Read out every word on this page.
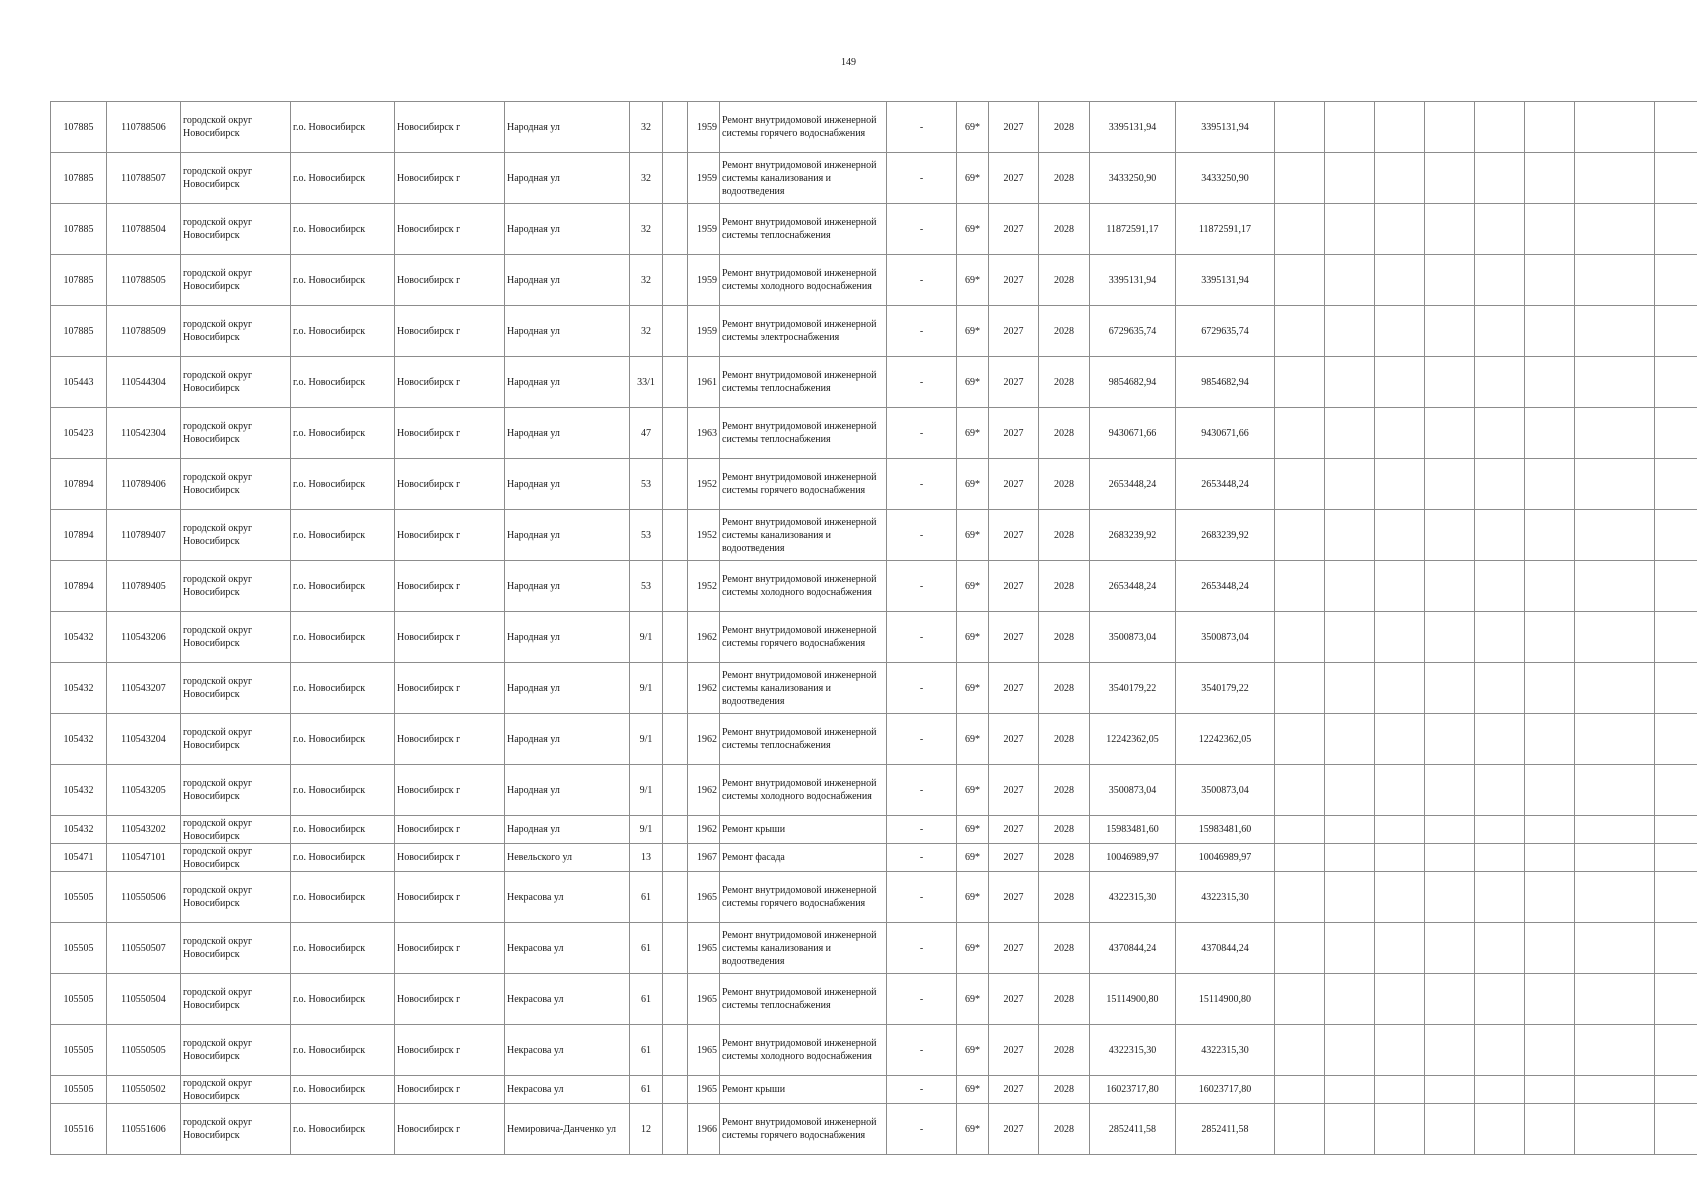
149
107885	110788506	городской округ Новосибирск	г.о. Новосибирск	Новосибирск г	Народная ул	32		1959	Ремонт внутридомовой инженерной системы горячего водоснабжения	-	69*	2027	2028	3395131,94	3395131,94								
107885	110788507	городской округ Новосибирск	г.о. Новосибирск	Новосибирск г	Народная ул	32		1959	Ремонт внутридомовой инженерной системы канализования и водоотведения	-	69*	2027	2028	3433250,90	3433250,90								
107885	110788504	городской округ Новосибирск	г.о. Новосибирск	Новосибирск г	Народная ул	32		1959	Ремонт внутридомовой инженерной системы теплоснабжения	-	69*	2027	2028	11872591,17	11872591,17								
107885	110788505	городской округ Новосибирск	г.о. Новосибирск	Новосибирск г	Народная ул	32		1959	Ремонт внутридомовой инженерной системы холодного водоснабжения	-	69*	2027	2028	3395131,94	3395131,94								
107885	110788509	городской округ Новосибирск	г.о. Новосибирск	Новосибирск г	Народная ул	32		1959	Ремонт внутридомовой инженерной системы электроснабжения	-	69*	2027	2028	6729635,74	6729635,74								
105443	110544304	городской округ Новосибирск	г.о. Новосибирск	Новосибирск г	Народная ул	33/1		1961	Ремонт внутридомовой инженерной системы теплоснабжения	-	69*	2027	2028	9854682,94	9854682,94								
105423	110542304	городской округ Новосибирск	г.о. Новосибирск	Новосибирск г	Народная ул	47		1963	Ремонт внутридомовой инженерной системы теплоснабжения	-	69*	2027	2028	9430671,66	9430671,66								
107894	110789406	городской округ Новосибирск	г.о. Новосибирск	Новосибирск г	Народная ул	53		1952	Ремонт внутридомовой инженерной системы горячего водоснабжения	-	69*	2027	2028	2653448,24	2653448,24								
107894	110789407	городской округ Новосибирск	г.о. Новосибирск	Новосибирск г	Народная ул	53		1952	Ремонт внутридомовой инженерной системы канализования и водоотведения	-	69*	2027	2028	2683239,92	2683239,92								
107894	110789405	городской округ Новосибирск	г.о. Новосибирск	Новосибирск г	Народная ул	53		1952	Ремонт внутридомовой инженерной системы холодного водоснабжения	-	69*	2027	2028	2653448,24	2653448,24								
105432	110543206	городской округ Новосибирск	г.о. Новосибирск	Новосибирск г	Народная ул	9/1		1962	Ремонт внутридомовой инженерной системы горячего водоснабжения	-	69*	2027	2028	3500873,04	3500873,04								
105432	110543207	городской округ Новосибирск	г.о. Новосибирск	Новосибирск г	Народная ул	9/1		1962	Ремонт внутридомовой инженерной системы канализования и водоотведения	-	69*	2027	2028	3540179,22	3540179,22								
105432	110543204	городской округ Новосибирск	г.о. Новосибирск	Новосибирск г	Народная ул	9/1		1962	Ремонт внутридомовой инженерной системы теплоснабжения	-	69*	2027	2028	12242362,05	12242362,05								
105432	110543205	городской округ Новосибирск	г.о. Новосибирск	Новосибирск г	Народная ул	9/1		1962	Ремонт внутридомовой инженерной системы холодного водоснабжения	-	69*	2027	2028	3500873,04	3500873,04								
105432	110543202	городской округ Новосибирск	г.о. Новосибирск	Новосибирск г	Народная ул	9/1		1962	Ремонт крыши	-	69*	2027	2028	15983481,60	15983481,60								
105471	110547101	городской округ Новосибирск	г.о. Новосибирск	Новосибирск г	Невельского ул	13		1967	Ремонт фасада	-	69*	2027	2028	10046989,97	10046989,97								
105505	110550506	городской округ Новосибирск	г.о. Новосибирск	Новосибирск г	Некрасова ул	61		1965	Ремонт внутридомовой инженерной системы горячего водоснабжения	-	69*	2027	2028	4322315,30	4322315,30								
105505	110550507	городской округ Новосибирск	г.о. Новосибирск	Новосибирск г	Некрасова ул	61		1965	Ремонт внутридомовой инженерной системы канализования и водоотведения	-	69*	2027	2028	4370844,24	4370844,24								
105505	110550504	городской округ Новосибирск	г.о. Новосибирск	Новосибирск г	Некрасова ул	61		1965	Ремонт внутридомовой инженерной системы теплоснабжения	-	69*	2027	2028	15114900,80	15114900,80								
105505	110550505	городской округ Новосибирск	г.о. Новосибирск	Новосибирск г	Некрасова ул	61		1965	Ремонт внутридомовой инженерной системы холодного водоснабжения	-	69*	2027	2028	4322315,30	4322315,30								
105505	110550502	городской округ Новосибирск	г.о. Новосибирск	Новосибирск г	Некрасова ул	61		1965	Ремонт крыши	-	69*	2027	2028	16023717,80	16023717,80								
105516	110551606	городской округ Новосибирск	г.о. Новосибирск	Новосибирск г	Немировича-Данченко ул	12		1966	Ремонт внутридомовой инженерной системы горячего водоснабжения	-	69*	2027	2028	2852411,58	2852411,58								
